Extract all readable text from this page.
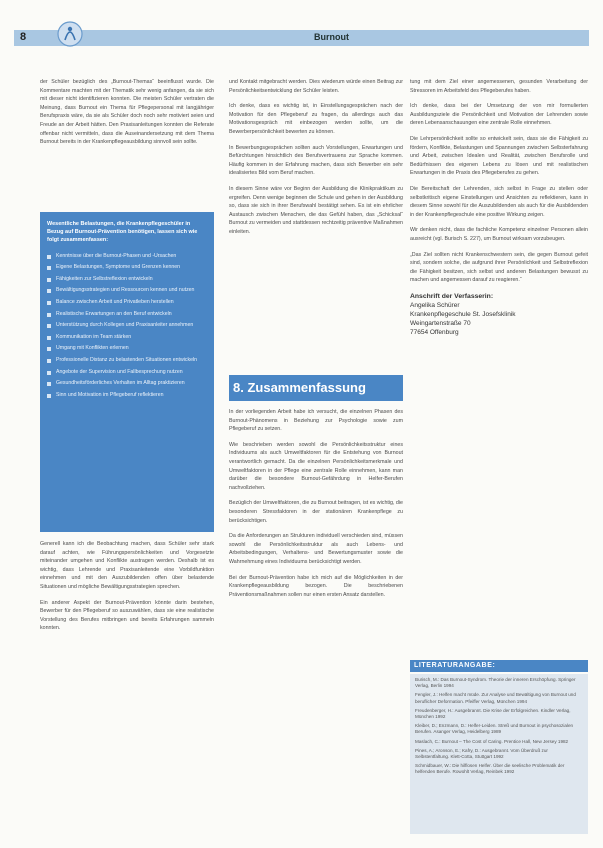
8	Burnout

der Schüler bezüglich des „Burnout-Themas“ beeinflusst wurde. Die Kommentare machten mit der Thematik sehr wenig anfangen, da sie sich mit dieser nicht identifizieren konnten. Die meisten Schüler vertraten die Meinung, dass Burnout ein Thema für Pflegepersonal mit langjähriger Berufspraxis wäre, da sie als Schüler doch noch sehr motiviert seien und Freude an der Arbeit hätten. Den Praxisanleitungen konnten die Referate offenbar nicht vermitteln, dass die Auseinandersetzung mit dem Thema Burnout bereits in der Krankenpflegeausbildung sinnvoll sein sollte.

Wesentliche Belastungen, die Krankenpflegeschüler in Bezug auf Burnout-Prävention benötigen, lassen sich wie folgt zusammenfassen:
Kenntnisse über die Burnout-Phasen und -Ursachen
Eigene Belastungen, Symptome und Grenzen kennen
Fähigkeiten zur Selbstreflexion entwickeln
Bewältigungsstrategien und Ressourcen kennen und nutzen
Balance zwischen Arbeit und Privatleben herstellen
Realistische Erwartungen an den Beruf entwickeln
Unterstützung durch Kollegen und Praxisanleiter annehmen
Kommunikation im Team stärken
Umgang mit Konflikten erlernen
Professionelle Distanz zu belastenden Situationen entwickeln
Angebote der Supervision und Fallbesprechung nutzen
Gesundheitsförderliches Verhalten im Alltag praktizieren
Sinn und Motivation im Pflegeberuf reflektieren

Generell kann ich die Beobachtung machen, dass Schüler sehr stark darauf achten, wie Führungspersönlichkeiten und Vorgesetzte miteinander umgehen und Konflikte austragen werden. Deshalb ist es wichtig, dass Lehrende und Praxisanleitende eine Vorbildfunktion einnehmen und mit den Auszubildenden offen über belastende Situationen und mögliche Bewältigungsstrategien sprechen.

Ein anderer Aspekt der Burnout-Prävention könnte darin bestehen, Bewerber für den Pflegeberuf so auszuwählen, dass sie eine realistische Vorstellung des Berufes mitbringen und bereits Erfahrungen sammeln konnten.

und Kontakt mitgebracht werden. Dies wiederum würde einen Beitrag zur Persönlichkeitsentwicklung der Schüler leisten.

Ich denke, dass es wichtig ist, in Einstellungsgesprächen nach der Motivation für den Pflegeberuf zu fragen, da allerdings auch das Motivationsgespräch mit einbezogen werden sollte, um die Bewerberpersönlichkeit bewerten zu können.

In Bewerbungsgesprächen sollten auch Vorstellungen, Erwartungen und Befürchtungen hinsichtlich des Berufsvertrauens zur Sprache kommen. Häufig kommen in der Erfahrung machen, dass sich Bewerber ein sehr idealisiertes Bild vom Beruf machen.

In diesem Sinne wäre vor Beginn der Ausbildung die Klinikpraktikum zu ergreifen. Denn wenige beginnen die Schule und gehen in der Ausbildung so, dass sie sich in ihrer Berufswahl bestätigt sehen. Es ist ein ehrlicher Austausch zwischen Menschen, die das Gefühl haben, das „Schicksal“ Burnout zu vermeiden und stattdessen rechtzeitig präventive Maßnahmen einleiten.

8. Zusammenfassung

In der vorliegenden Arbeit habe ich versucht, die einzelnen Phasen des Burnout-Phänomens in Beziehung zur Psychologie sowie zum Pflegeberuf zu setzen.

Wie beschrieben werden sowohl die Persönlichkeitsstruktur eines Individuums als auch Umweltfaktoren für die Entstehung von Burnout verantwortlich gemacht. Da die einzelnen Persönlichkeitsmerkmale und Umweltfaktoren in der Pflege eine zentrale Rolle einnehmen, kann man darüber die besondere Burnout-Gefährdung in Helfer-Berufen nachvollziehen.

Bezüglich der Umweltfaktoren, die zu Burnout beitragen, ist es wichtig, die besonderen Stressfaktoren in der stationären Krankenpflege zu berücksichtigen.

Da die Anforderungen an Strukturen individuell verschieden sind, müssen sowohl die Persönlichkeitsstruktur als auch Lebens- und Arbeitsbedingungen, Verhaltens- und Bewertungsmuster sowie die Wahrnehmung eines Individuums berücksichtigt werden.

Bei der Burnout-Prävention habe ich mich auf die Möglichkeiten in der Krankenpflegeausbildung bezogen. Die beschriebenen Präventionsmaßnahmen sollen nur einen ersten Ansatz darstellen.

tung mit dem Ziel einer angemessenen, gesunden Verarbeitung der Stressoren im Arbeitsfeld des Pflegeberufes haben.

Ich denke, dass bei der Umsetzung der von mir formulierten Ausbildungsziele die Persönlichkeit und Motivation der Lehrenden sowie deren Lebensanschauungen eine zentrale Rolle einnehmen.

Die Lehrpersönlichkeit sollte so entwickelt sein, dass sie die Fähigkeit zu fördern, Konflikte, Belastungen und Spannungen zwischen Selbsterfahrung und Arbeit, zwischen Idealen und Realität, zwischen Berufsrolle und Bedürfnissen des eigenen Lebens zu lösen und mit realistischen Erwartungen in die Praxis des Pflegeberufes zu gehen.

Die Bereitschaft der Lehrenden, sich selbst in Frage zu stellen oder selbstkritisch eigene Einstellungen und Ansichten zu reflektieren, kann in diesem Sinne sowohl für die Auszubildenden als auch für die Ausbildenden in der Krankenpflegeschule eine positive Wirkung zeigen.

Wir denken nicht, dass die fachliche Kompetenz einzelner Personen allein ausreicht (vgl. Burisch S. 227), um Burnout wirksam vorzubeugen.

„Das Ziel sollten nicht Krankenschwestern sein, die gegen Burnout gefeit sind, sondern solche, die aufgrund ihrer Persönlichkeit und Selbstreflexion die Fähigkeit besitzen, sich selbst und anderen Belastungen bewusst zu machen und angemessen darauf zu reagieren.“

Anschrift der Verfasserin:
Angelika Schürer
Krankenpflegeschule St. Josefsklinik
Weingartenstraße 70
77654 Offenburg
LITERATURANGABE:

Burisch, M.: Das Burnout-Syndrom. Theorie der inneren Erschöpfung. Springer Verlag, Berlin 1994

Fengler, J.: Helfen macht müde. Zur Analyse und Bewältigung von Burnout und beruflicher Deformation. Pfeiffer Verlag, München 1994

Freudenberger, H.: Ausgebrannt. Die Krise der Erfolgreichen. Kindler Verlag, München 1992

Kleiber, D.; Enzmann, D.: Helfer-Leiden. Streß und Burnout in psychosozialen Berufen. Asanger Verlag, Heidelberg 1989

Maslach, C.: Burnout – The Cost of Caring. Prentice Hall, New Jersey 1982

Pines, A.; Aronson, E.; Kafry, D.: Ausgebrannt. Vom Überdruß zur Selbstentfaltung. Klett-Cotta, Stuttgart 1992

Schmidbauer, W.: Die hilflosen Helfer. Über die seelische Problematik der helfenden Berufe. Rowohlt Verlag, Reinbek 1992
